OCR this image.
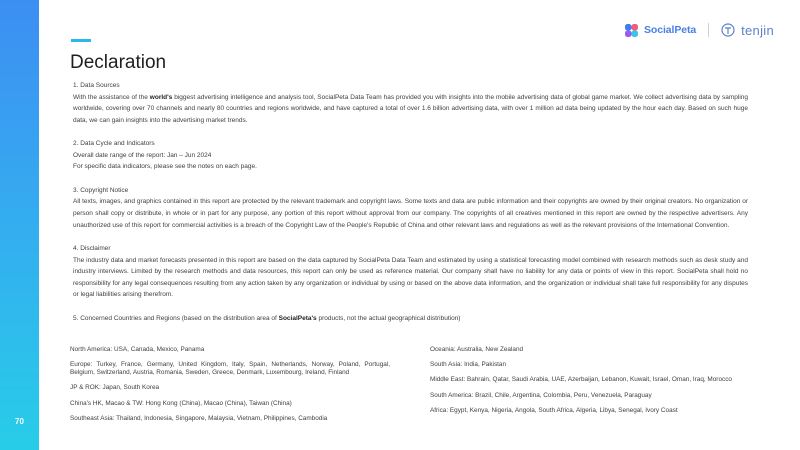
70
SocialPeta	tenjin
Declaration

1. Data Sources

With the assistance of the world's biggest advertising intelligence and analysis tool, SocialPeta Data Team has provided you with insights into the mobile advertising data of global game market. We collect advertising data by sampling worldwide, covering over 70 channels and nearly 80 countries and regions worldwide, and have captured a total of over 1.6 billion advertising data, with over 1 million ad data being updated by the hour each day. Based on such huge data, we can gain insights into the advertising market trends.

2. Data Cycle and Indicators

Overall date range of the report: Jan – Jun 2024

For specific data indicators, please see the notes on each page.

3. Copyright Notice

All texts, images, and graphics contained in this report are protected by the relevant trademark and copyright laws. Some texts and data are public information and their copyrights are owned by their original creators. No organization or person shall copy or distribute, in whole or in part for any purpose, any portion of this report without approval from our company. The copyrights of all creatives mentioned in this report are owned by the respective advertisers. Any unauthorized use of this report for commercial activities is a breach of the Copyright Law of the People's Republic of China and other relevant laws and regulations as well as the relevant provisions of the International Convention.

4. Disclaimer

The industry data and market forecasts presented in this report are based on the data captured by SocialPeta Data Team and estimated by using a statistical forecasting model combined with research methods such as desk study and industry interviews. Limited by the research methods and data resources, this report can only be used as reference material. Our company shall have no liability for any data or points of view in this report. SocialPeta shall hold no responsibility for any legal consequences resulting from any action taken by any organization or individual by using or based on the above data information, and the organization or individual shall take full responsibility for any disputes or legal liabilities arising therefrom.

5. Concerned Countries and Regions (based on the distribution area of SocialPeta's products, not the actual geographical distribution)

North America: USA, Canada, Mexico, Panama
Europe: Turkey, France, Germany, United Kingdom, Italy, Spain, Netherlands, Norway, Poland, Portugal, Belgium, Switzerland, Austria, Romania, Sweden, Greece, Denmark, Luxembourg, Ireland, Finland
JP & ROK: Japan, South Korea
China's HK, Macao & TW: Hong Kong (China), Macao (China), Taiwan (China)
Southeast Asia: Thailand, Indonesia, Singapore, Malaysia, Vietnam, Philippines, Cambodia
Oceania: Australia, New Zealand
South Asia: India, Pakistan
Middle East: Bahrain, Qatar, Saudi Arabia, UAE, Azerbaijan, Lebanon, Kuwait, Israel, Oman, Iraq, Morocco
South America: Brazil, Chile, Argentina, Colombia, Peru, Venezuela, Paraguay
Africa: Egypt, Kenya, Nigeria, Angola, South Africa, Algeria, Libya, Senegal, Ivory Coast
